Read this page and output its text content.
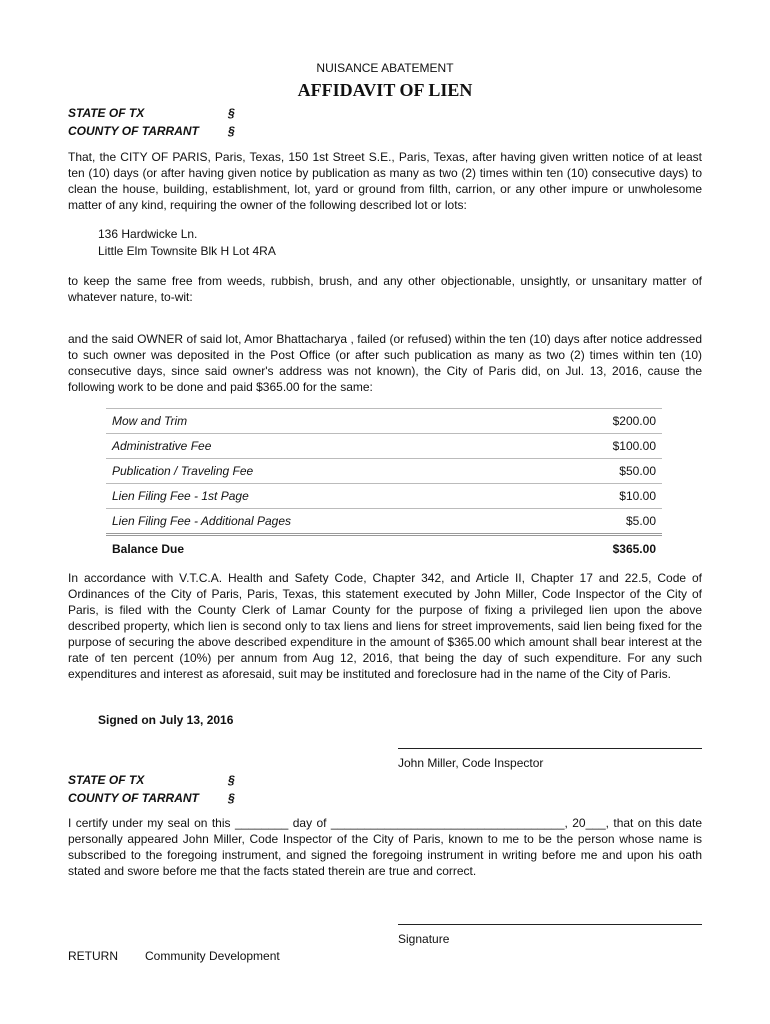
NUISANCE ABATEMENT
AFFIDAVIT OF LIEN
STATE OF TX	§
COUNTY OF TARRANT §
That, the CITY OF PARIS, Paris, Texas, 150 1st Street S.E., Paris, Texas, after having given written notice of at least ten (10) days (or after having given notice by publication as many as two (2) times within ten (10) consecutive days) to clean the house, building, establishment, lot, yard or ground from filth, carrion, or any other impure or unwholesome matter of any kind, requiring the owner of the following described lot or lots:
136 Hardwicke Ln.
Little Elm Townsite Blk H Lot 4RA
to keep the same free from weeds, rubbish, brush, and any other objectionable, unsightly, or unsanitary matter of whatever nature, to-wit:
and the said OWNER of said lot, Amor Bhattacharya , failed (or refused) within the ten (10) days after notice addressed to such owner was deposited in the Post Office (or after such publication as many as two (2) times within ten (10) consecutive days, since said owner's address was not known), the City of Paris did, on Jul. 13, 2016, cause the following work to be done and paid $365.00 for the same:
Mow and Trim	$200.00
Administrative Fee	$100.00
Publication / Traveling Fee	$50.00
Lien Filing Fee - 1st Page	$10.00
Lien Filing Fee - Additional Pages	$5.00
Balance Due	$365.00
In accordance with V.T.C.A. Health and Safety Code, Chapter 342, and Article II, Chapter 17 and 22.5, Code of Ordinances of the City of Paris, Paris, Texas, this statement executed by John Miller, Code Inspector of the City of Paris, is filed with the County Clerk of Lamar County for the purpose of fixing a privileged lien upon the above described property, which lien is second only to tax liens and liens for street improvements, said lien being fixed for the purpose of securing the above described expenditure in the amount of $365.00 which amount shall bear interest at the rate of ten percent (10%) per annum from Aug 12, 2016, that being the day of such expenditure. For any such expenditures and interest as aforesaid, suit may be instituted and foreclosure had in the name of the City of Paris.
Signed on July 13, 2016
John Miller, Code Inspector
STATE OF TX	§
COUNTY OF TARRANT §
I certify under my seal on this ________ day of ___________________________________, 20___, that on this date personally appeared John Miller, Code Inspector of the City of Paris, known to me to be the person whose name is subscribed to the foregoing instrument, and signed the foregoing instrument in writing before me and upon his oath stated and swore before me that the facts stated therein are true and correct.
Signature
RETURN Community Development
